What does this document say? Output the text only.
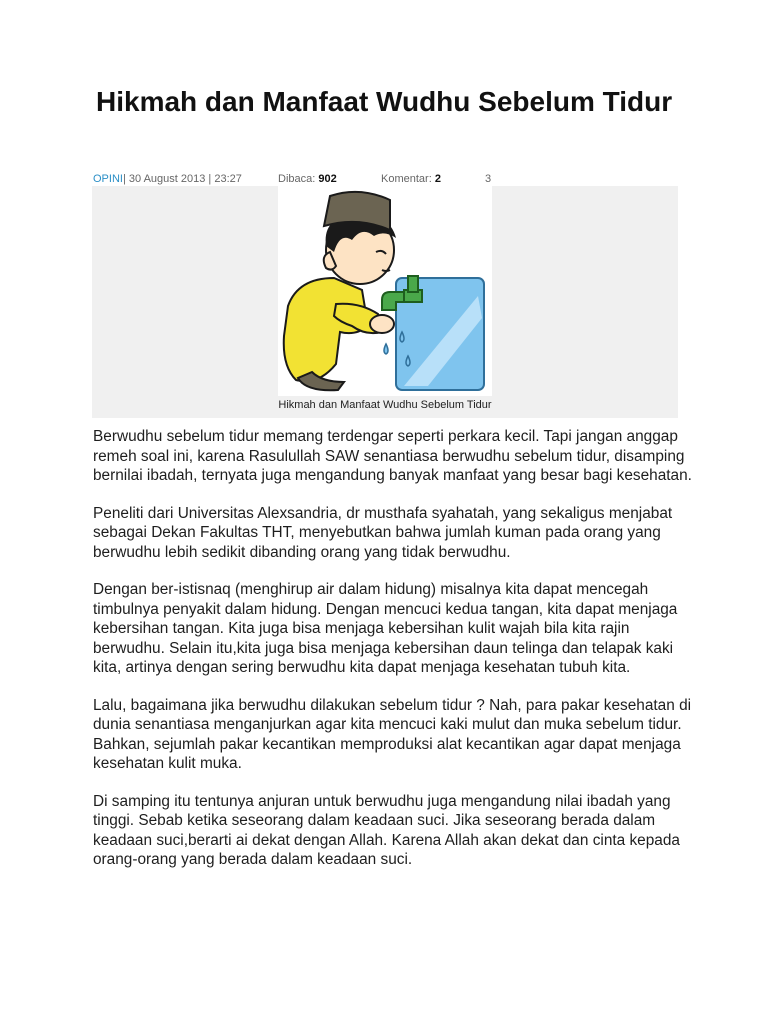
Hikmah dan Manfaat Wudhu Sebelum Tidur
OPINI | 30 August 2013 | 23:27	Dibaca: 902	Komentar: 2	3
Hikmah dan Manfaat Wudhu Sebelum Tidur

Berwudhu sebelum tidur memang terdengar seperti perkara kecil. Tapi jangan anggap remeh soal ini, karena Rasulullah SAW senantiasa berwudhu sebelum tidur, disamping bernilai ibadah, ternyata juga mengandung banyak manfaat yang besar bagi kesehatan.

Peneliti dari Universitas Alexsandria, dr musthafa syahatah, yang sekaligus menjabat sebagai Dekan Fakultas THT, menyebutkan bahwa jumlah kuman pada orang yang berwudhu lebih sedikit dibanding orang yang tidak berwudhu.

Dengan ber-istisnaq (menghirup air dalam hidung) misalnya kita dapat mencegah timbulnya penyakit dalam hidung. Dengan mencuci kedua tangan, kita dapat menjaga kebersihan tangan. Kita juga bisa menjaga kebersihan kulit wajah bila kita rajin berwudhu. Selain itu,kita juga bisa menjaga kebersihan daun telinga dan telapak kaki kita, artinya dengan sering berwudhu kita dapat menjaga kesehatan tubuh kita.

Lalu, bagaimana jika berwudhu dilakukan sebelum tidur ? Nah, para pakar kesehatan di dunia senantiasa menganjurkan agar kita mencuci kaki mulut dan muka sebelum tidur. Bahkan, sejumlah pakar kecantikan memproduksi alat kecantikan agar dapat menjaga kesehatan kulit muka.

Di samping itu tentunya anjuran untuk berwudhu juga mengandung nilai ibadah yang tinggi. Sebab ketika seseorang dalam keadaan suci. Jika seseorang berada dalam keadaan suci,berarti ai dekat dengan Allah. Karena Allah akan dekat dan cinta kepada orang-orang yang berada dalam keadaan suci.
